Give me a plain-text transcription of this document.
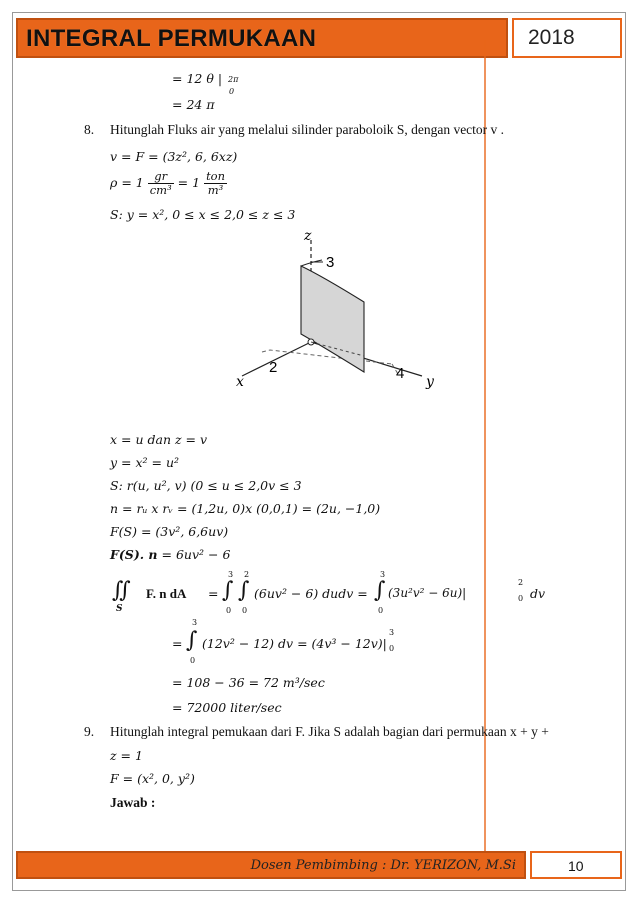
INTEGRAL PERMUKAAN	2018
= 12 θ | 2π
0
= 24 π
8. Hitunglah Fluks air yang melalui silinder paraboloik S, dengan vector v .
v = F = (3z², 6, 6xz)
$\rho = 1 \frac{gr}{\text{cm³}} = 1 \frac{\text{ton}}{\text{m³}}$
S: y = x², 0 ≤ x ≤ 2,0 ≤ z ≤ 3
z
3
2
x	4 y
x = u dan z = v
y = x² = u²
S: r(u, u², v) (0 ≤ u ≤ 2,0v ≤ 3
n = rᵤ x rᵥ = (1,2u, 0)x (0,0,1) = (2u, −1,0)
F(S) = (3v², 6,6uv)
F(S). n = 6uv² − 6
∬
S
F. n dA = ∫
3
0
∫
2
0
(6uv² − 6) dudv = ∫
3
0
(3u²v² − 6u)|
2
0 dv
= ∫
3
0
(12v² − 12) dv = (4v³ − 12v)|
3
0
= 108 − 36 = 72 m³/sec
= 72000 liter/sec
9. Hitunglah integral pemukaan dari F. Jika S adalah bagian dari permukaan x + y +
z = 1
F = (x², 0, y²)
Jawab :
Dosen Pembimbing : Dr. YERIZON, M.Si	10
